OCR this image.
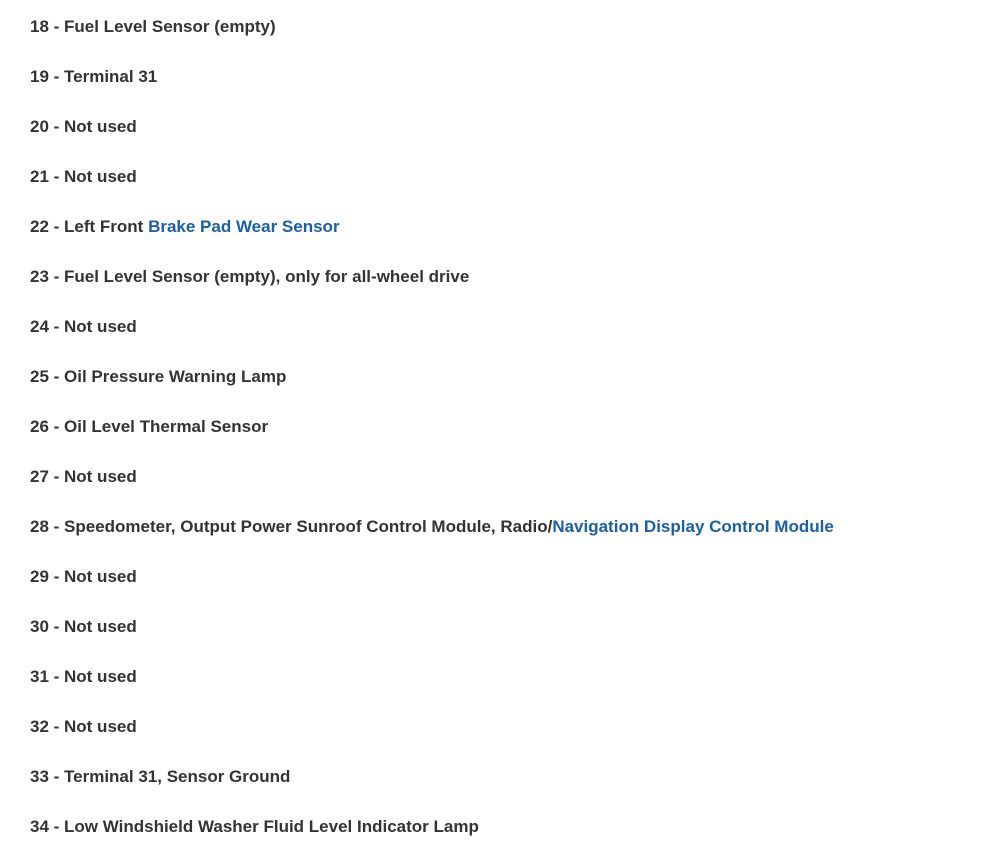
18 - Fuel Level Sensor (empty)
19 - Terminal 31
20 - Not used
21 - Not used
22 - Left Front Brake Pad Wear Sensor
23 - Fuel Level Sensor (empty), only for all-wheel drive
24 - Not used
25 - Oil Pressure Warning Lamp
26 - Oil Level Thermal Sensor
27 - Not used
28 - Speedometer, Output Power Sunroof Control Module, Radio/Navigation Display Control Module
29 - Not used
30 - Not used
31 - Not used
32 - Not used
33 - Terminal 31, Sensor Ground
34 - Low Windshield Washer Fluid Level Indicator Lamp
